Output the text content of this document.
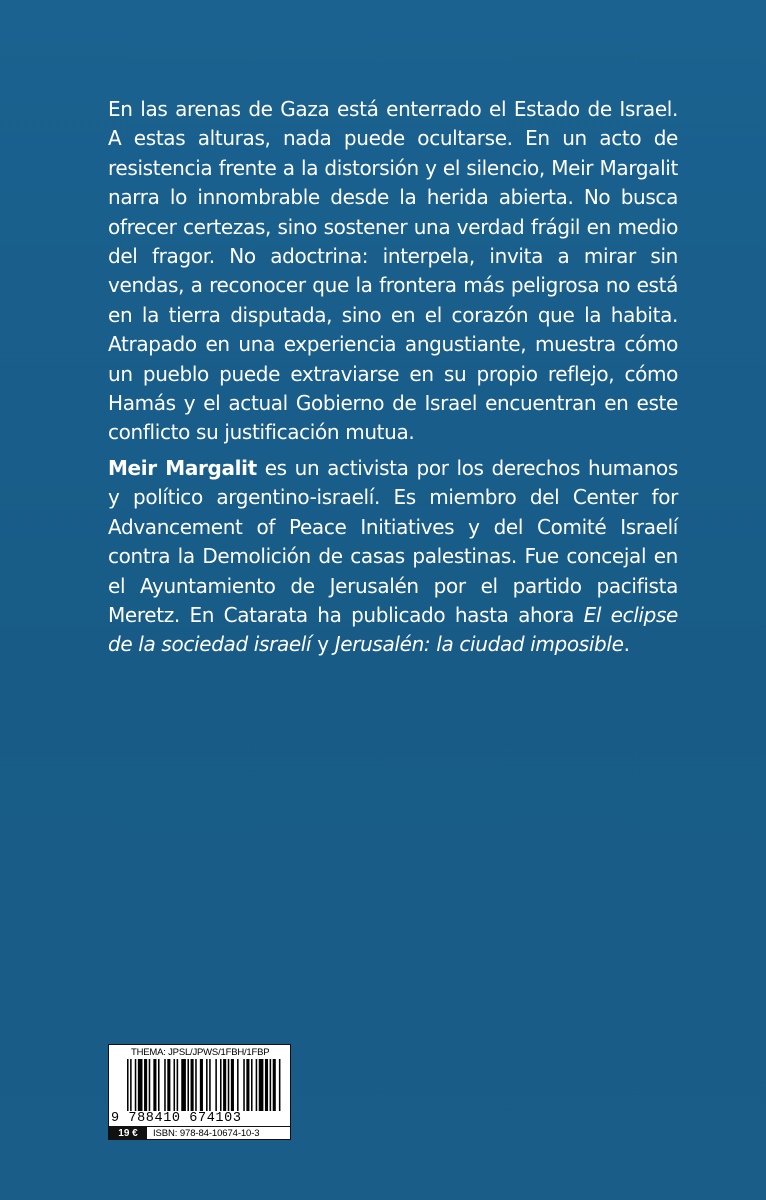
En las arenas de Gaza está enterrado el Estado de Israel. A estas alturas, nada puede ocultarse. En un acto de resistencia frente a la distorsión y el silencio, Meir Margalit narra lo innombrable desde la herida abierta. No busca ofrecer certezas, sino sostener una verdad frágil en medio del fragor. No adoctrina: interpela, invita a mirar sin vendas, a reconocer que la frontera más peligrosa no está en la tierra disputada, sino en el corazón que la habita. Atrapado en una experiencia angustiante, muestra cómo un pueblo puede extraviarse en su propio reflejo, cómo Hamás y el actual Gobierno de Israel encuentran en este conflicto su justificación mutua.

Meir Margalit es un activista por los derechos humanos y político argentino-israelí. Es miembro del Center for Advancement of Peace Initiatives y del Comité Israelí contra la Demolición de casas palestinas. Fue concejal en el Ayuntamiento de Jerusalén por el partido pacifista Meretz. En Catarata ha publicado hasta ahora El eclipse de la sociedad israelí y Jerusalén: la ciudad imposible.

THEMA: JPSL/JPWS/1FBH/1FBP
9 788410 674103
19 €	ISBN: 978-84-10674-10-3
